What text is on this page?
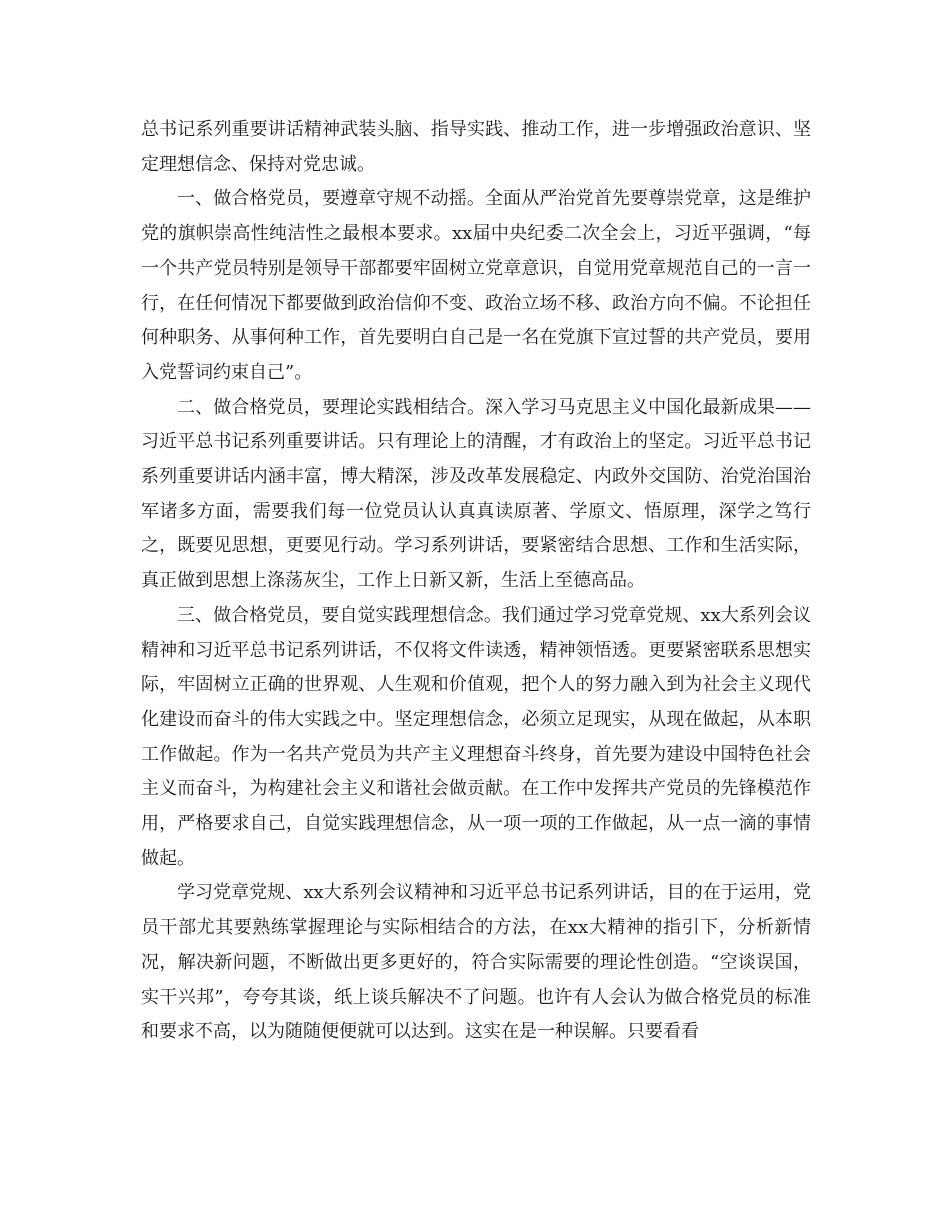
总书记系列重要讲话精神武装头脑、指导实践、推动工作，进一步增强政治意识、坚定理想信念、保持对党忠诚。

一、做合格党员，要遵章守规不动摇。全面从严治党首先要尊崇党章，这是维护党的旗帜崇高性纯洁性之最根本要求。xx届中央纪委二次全会上，习近平强调，“每一个共产党员特别是领导干部都要牢固树立党章意识，自觉用党章规范自己的一言一行，在任何情况下都要做到政治信仰不变、政治立场不移、政治方向不偏。不论担任何种职务、从事何种工作，首先要明白自己是一名在党旗下宣过誓的共产党员，要用入党誓词约束自己”。

二、做合格党员，要理论实践相结合。深入学习马克思主义中国化最新成果——习近平总书记系列重要讲话。只有理论上的清醒，才有政治上的坚定。习近平总书记系列重要讲话内涵丰富，博大精深，涉及改革发展稳定、内政外交国防、治党治国治军诸多方面，需要我们每一位党员认认真真读原著、学原文、悟原理，深学之笃行之，既要见思想，更要见行动。学习系列讲话，要紧密结合思想、工作和生活实际，真正做到思想上涤荡灰尘，工作上日新又新，生活上至德高品。

三、做合格党员，要自觉实践理想信念。我们通过学习党章党规、xx大系列会议精神和习近平总书记系列讲话，不仅将文件读透，精神领悟透。更要紧密联系思想实际，牢固树立正确的世界观、人生观和价值观，把个人的努力融入到为社会主义现代化建设而奋斗的伟大实践之中。坚定理想信念，必须立足现实，从现在做起，从本职工作做起。作为一名共产党员为共产主义理想奋斗终身，首先要为建设中国特色社会主义而奋斗，为构建社会主义和谐社会做贡献。在工作中发挥共产党员的先锋模范作用，严格要求自己，自觉实践理想信念，从一项一项的工作做起，从一点一滴的事情做起。

学习党章党规、xx大系列会议精神和习近平总书记系列讲话，目的在于运用，党员干部尤其要熟练掌握理论与实际相结合的方法，在xx大精神的指引下，分析新情况，解决新问题，不断做出更多更好的，符合实际需要的理论性创造。“空谈误国，实干兴邦”，夸夸其谈，纸上谈兵解决不了问题。也许有人会认为做合格党员的标准和要求不高，以为随随便便就可以达到。这实在是一种误解。只要看看
